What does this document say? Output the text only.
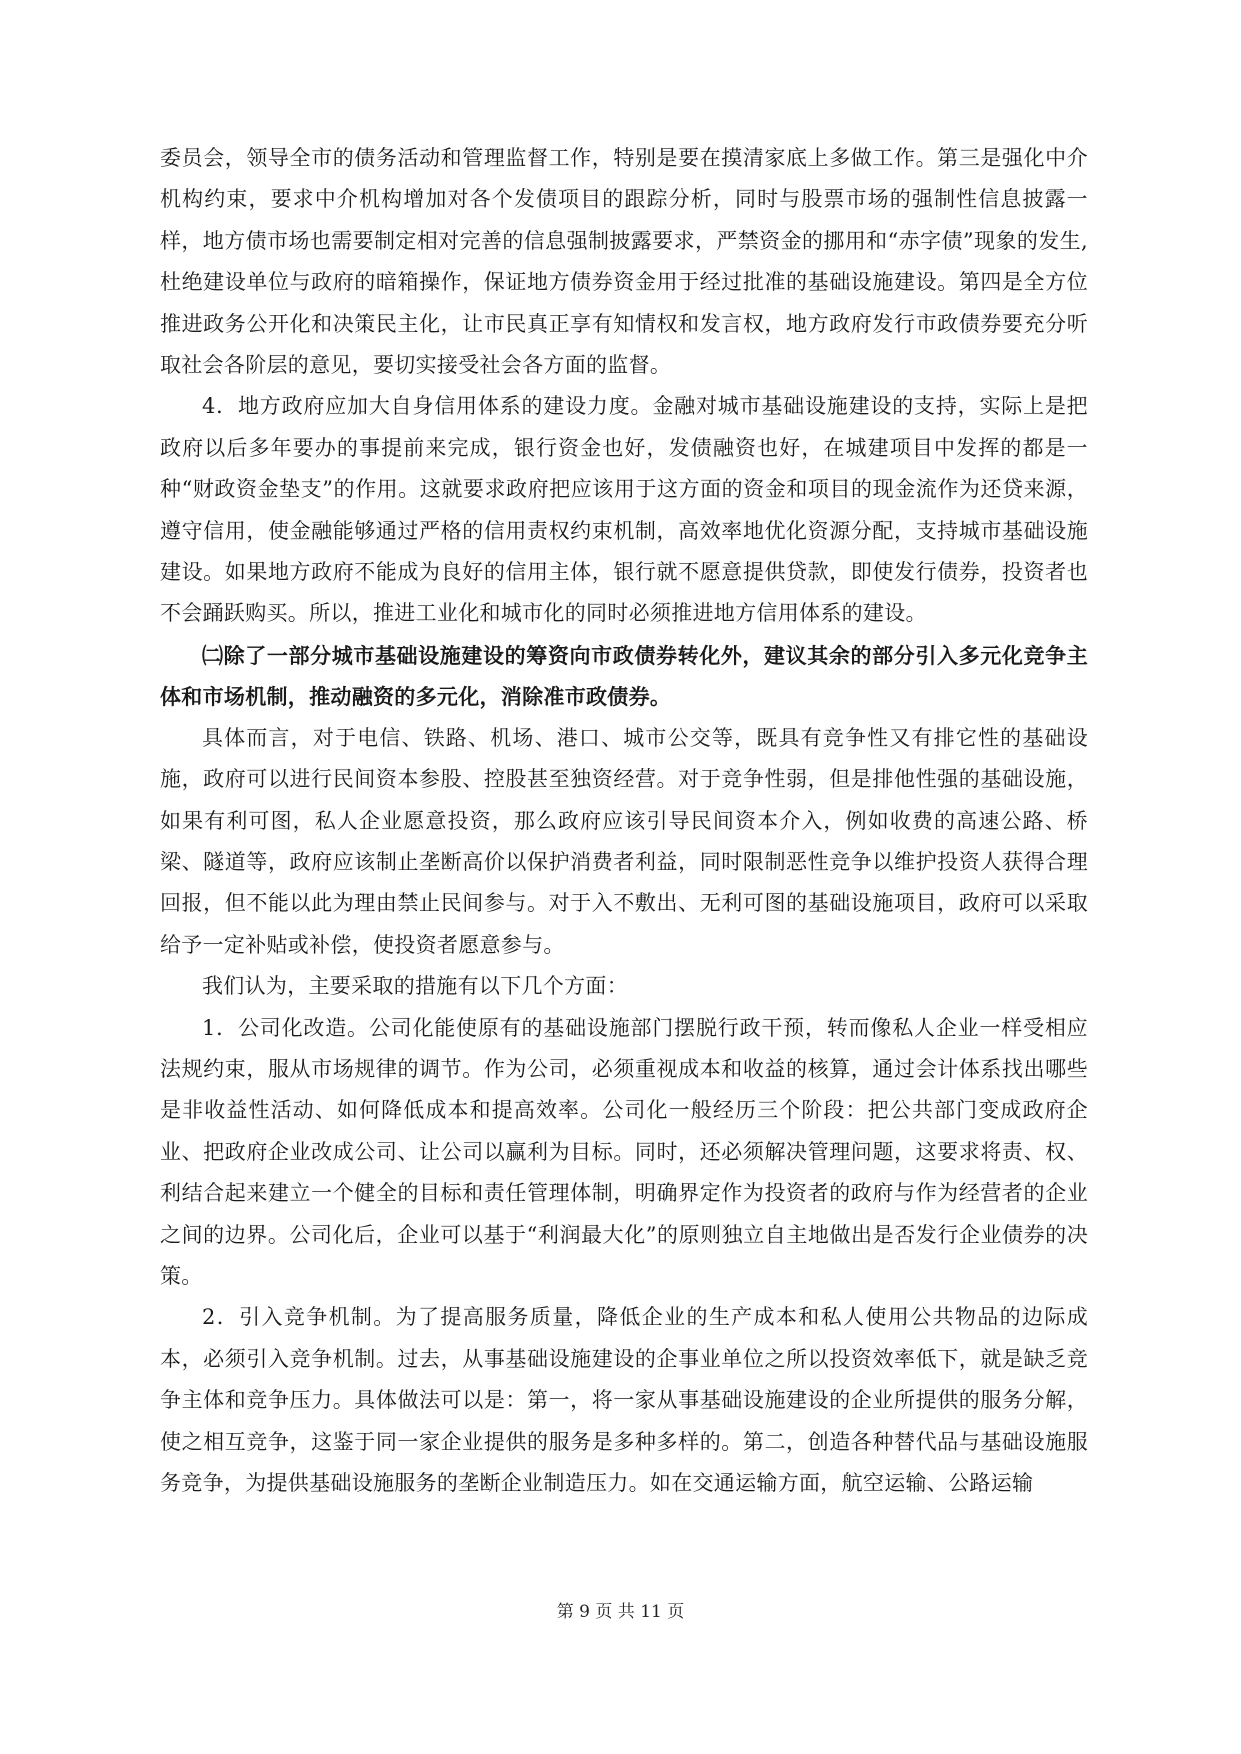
委员会，领导全市的债务活动和管理监督工作，特别是要在摸清家底上多做工作。第三是强化中介机构约束，要求中介机构增加对各个发债项目的跟踪分析，同时与股票市场的强制性信息披露一样，地方债市场也需要制定相对完善的信息强制披露要求，严禁资金的挪用和“赤字债”现象的发生,杜绝建设单位与政府的暗箱操作，保证地方债券资金用于经过批准的基础设施建设。第四是全方位推进政务公开化和决策民主化，让市民真正享有知情权和发言权，地方政府发行市政债券要充分听取社会各阶层的意见，要切实接受社会各方面的监督。

4．地方政府应加大自身信用体系的建设力度。金融对城市基础设施建设的支持，实际上是把政府以后多年要办的事提前来完成，银行资金也好，发债融资也好，在城建项目中发挥的都是一种“财政资金垫支”的作用。这就要求政府把应该用于这方面的资金和项目的现金流作为还贷来源，遵守信用，使金融能够通过严格的信用责权约束机制，高效率地优化资源分配，支持城市基础设施建设。如果地方政府不能成为良好的信用主体，银行就不愿意提供贷款，即使发行债券，投资者也不会踊跃购买。所以，推进工业化和城市化的同时必须推进地方信用体系的建设。

㈡除了一部分城市基础设施建设的筹资向市政债券转化外，建议其余的部分引入多元化竞争主体和市场机制，推动融资的多元化，消除准市政债券。

具体而言，对于电信、铁路、机场、港口、城市公交等，既具有竞争性又有排它性的基础设施，政府可以进行民间资本参股、控股甚至独资经营。对于竞争性弱，但是排他性强的基础设施，如果有利可图，私人企业愿意投资，那么政府应该引导民间资本介入，例如收费的高速公路、桥梁、隧道等，政府应该制止垄断高价以保护消费者利益，同时限制恶性竞争以维护投资人获得合理回报，但不能以此为理由禁止民间参与。对于入不敷出、无利可图的基础设施项目，政府可以采取给予一定补贴或补偿，使投资者愿意参与。

我们认为，主要采取的措施有以下几个方面：

1．公司化改造。公司化能使原有的基础设施部门摆脱行政干预，转而像私人企业一样受相应法规约束，服从市场规律的调节。作为公司，必须重视成本和收益的核算，通过会计体系找出哪些是非收益性活动、如何降低成本和提高效率。公司化一般经历三个阶段：把公共部门变成政府企业、把政府企业改成公司、让公司以赢利为目标。同时，还必须解决管理问题，这要求将责、权、利结合起来建立一个健全的目标和责任管理体制，明确界定作为投资者的政府与作为经营者的企业之间的边界。公司化后，企业可以基于“利润最大化”的原则独立自主地做出是否发行企业债券的决策。

2．引入竞争机制。为了提高服务质量，降低企业的生产成本和私人使用公共物品的边际成本，必须引入竞争机制。过去，从事基础设施建设的企事业单位之所以投资效率低下，就是缺乏竞争主体和竞争压力。具体做法可以是：第一，将一家从事基础设施建设的企业所提供的服务分解，使之相互竞争，这鉴于同一家企业提供的服务是多种多样的。第二，创造各种替代品与基础设施服务竞争，为提供基础设施服务的垄断企业制造压力。如在交通运输方面，航空运输、公路运输

第 9 页 共 11 页
